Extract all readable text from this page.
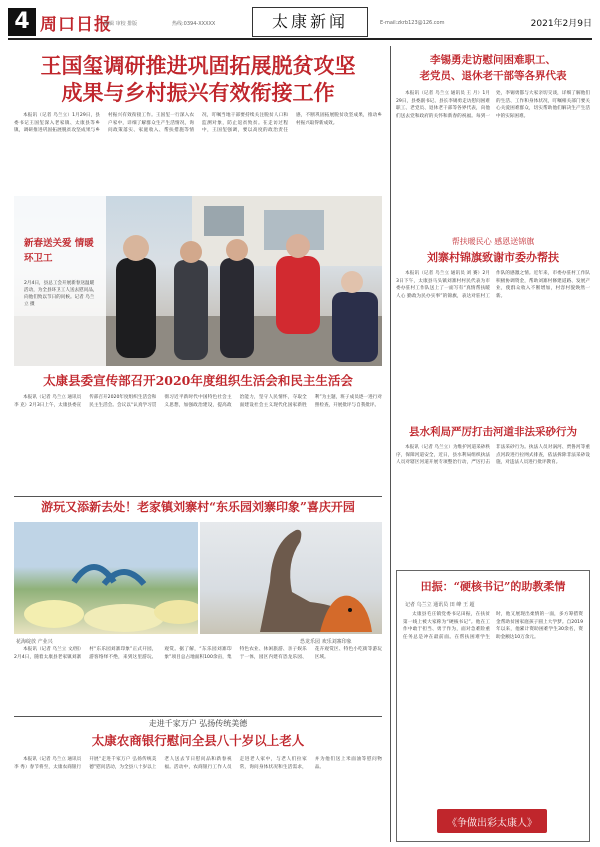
4 周口日报
编辑 审校 排版	热线:0394-XXXXX	太康新闻	E-mail:zkrb123@126.com	2021年2月9日
王国玺调研推进巩固拓展脱贫攻坚
成果与乡村振兴有效衔接工作

本报讯（记者 乌兰立）1月29日，县委书记王国玺深入老家镇、太康县等乡镇，调研推进巩固拓展脱贫攻坚成果与乡村振兴有效衔接工作。王国玺一行深入农户家中，详细了解群众生产生活情况，询问政策落实、家庭收入、帮扶措施等情况，叮嘱当地干部要持续关注脱贫人口和监测对象，防止返贫致贫。在走访过程中，王国玺强调，要以高度的政治责任感，不断巩固拓展脱贫攻坚成果，推动乡村振兴取得新成效。

新春送关爱 情暖环卫工
2月4日，县总工会开展新春送温暖活动，为全县环卫工人送去慰问品，向他们致以节日的问候。记者 乌兰立 摄
太康县委宣传部召开2020年度组织生活会和民主生活会

本报讯（记者 乌兰立 通讯员 李 克）2月3日上午，太康县委宣传部召开2020年度组织生活会和民主生活会。会议以“认真学习贯彻习近平新时代中国特色社会主义思想，加强政治建设，提高政治能力，坚守人民情怀，夺取全面建设社会主义现代化国家新胜利”为主题，班子成员逐一进行对照检查，开展批评与自我批评。

游玩又添新去处！老家镇刘寨村“东乐园刘寨印象”喜庆开园
花海绽放 产业兴	恐龙乐园 欢乐刘寨印象

本报讯（记者 乌兰立 文/图）2月4日，随着太康县老家镇刘寨村“东乐园刘寨印象”正式开园，游客络绎不绝，来到这里游玩、观赏。据了解，“东乐园刘寨印象”项目总占地面积100余亩，集特色农业、休闲旅游、亲子娱乐于一体，园区内建有恐龙乐园、花卉观赏区、特色小吃街等游玩区域。

走进千家万户 弘扬传统美德
太康农商银行慰问全县八十岁以上老人

本报讯（记者 乌兰立 通讯员 李 秀）春节将至，太康农商银行开展“走进千家万户 弘扬传统美德”慰问活动，为全县八十岁以上老人送去节日慰问品和新春祝福。活动中，农商银行工作人员走进老人家中，与老人们拉家常，询问身体状况和生活需求，并为他们送上米面油等慰问物品。

李锡勇走访慰问困难职工、
老党员、退休老干部等各界代表

本报讯（记者 乌兰立 通讯员 王 月）1月29日，县委副书记、县长李锡勇走访慰问困难职工、老党员、退休老干部等各界代表，向他们送去党和政府的关怀和新春的祝福。每到一处，李锡勇都与大家亲切交谈，详细了解他们的生活、工作和身体状况，叮嘱相关部门要关心关爱困难群众，切实帮助他们解决生产生活中的实际困难。

帮扶暖民心 感恩送锦旗
刘寨村锦旗致谢市委办帮扶

本报讯（记者 乌兰立 通讯员 刘 赛）2月3日下午，太康县马头镇刘寨村村民代表为市委办驻村工作队送上了一面写有“真情帮扶暖人心 勤政为民办实事”的锦旗，表达对驻村工作队的感激之情。近年来，市委办驻村工作队积极协调资金，帮助刘寨村修建道路、发展产业，使群众收入不断增加，村容村貌焕然一新。

县水利局严厉打击河道非法采砂行为

本报讯（记者 乌兰立）为维护河道采砂秩序，保障河道安全，近日，县水利局组织执法人员对辖区河道开展专项整治行动，严厉打击非法采砂行为。执法人员对涡河、贾鲁河等重点河段进行拉网式排查，依法拆除非法采砂设施，对违法人员进行批评教育。

田振：“硬核书记”的助教柔情
记者 乌兰立 通讯员 田 峰 王 超

太康县毛庄镇党委书记田振，在扶贫第一线上被大家称为“硬核书记”。他在工作中敢于担当、勇于作为，面对急难险重任务总是冲在最前面。在帮扶困难学生时，他又展现出柔情的一面，多方筹措资金帮助贫困家庭孩子圆上大学梦。自2019年以来，他累计资助困难学生30余名，资助金额达10万余元。

《争做出彩太康人》
